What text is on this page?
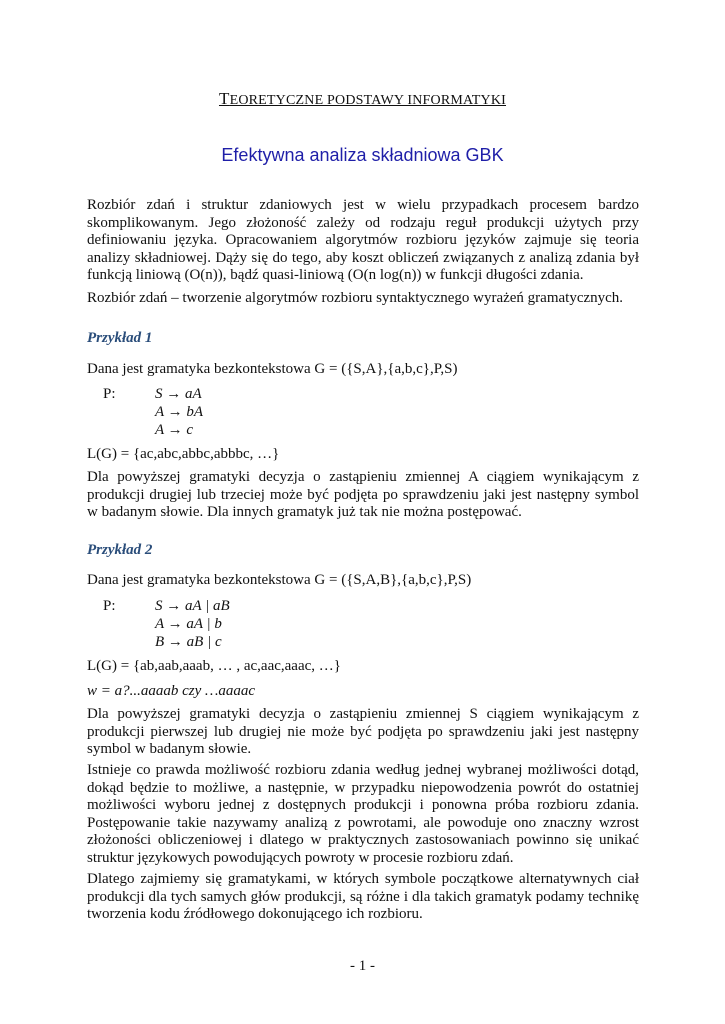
TEORETYCZNE PODSTAWY INFORMATYKI
Efektywna analiza składniowa GBK
Rozbiór zdań i struktur zdaniowych jest w wielu przypadkach procesem bardzo skomplikowanym. Jego złożoność zależy od rodzaju reguł produkcji użytych przy definiowaniu języka. Opracowaniem algorytmów rozbioru języków zajmuje się teoria analizy składniowej. Dąży się do tego, aby koszt obliczeń związanych z analizą zdania był funkcją liniową (O(n)), bądź quasi-liniową (O(n log(n)) w funkcji długości zdania.
Rozbiór zdań – tworzenie algorytmów rozbioru syntaktycznego wyrażeń gramatycznych.
Przykład 1
Dana jest gramatyka bezkontekstowa G = ({S,A},{a,b,c},P,S)
P:	S → aA
A → bA
A → c
L(G) = {ac,abc,abbc,abbbc, …}
Dla powyższej gramatyki decyzja o zastąpieniu zmiennej A ciągiem wynikającym z produkcji drugiej lub trzeciej może być podjęta po sprawdzeniu jaki jest następny symbol w badanym słowie. Dla innych gramatyk już tak nie można postępować.
Przykład 2
Dana jest gramatyka bezkontekstowa G = ({S,A,B},{a,b,c},P,S)
P:	S → aA | aB
A → aA | b
B → aB | c
L(G) = {ab,aab,aaab, … , ac,aac,aaac, …}
w = a?...aaaab czy …aaaac
Dla powyższej gramatyki decyzja o zastąpieniu zmiennej S ciągiem wynikającym z produkcji pierwszej lub drugiej nie może być podjęta po sprawdzeniu jaki jest następny symbol w badanym słowie.
Istnieje co prawda możliwość rozbioru zdania według jednej wybranej możliwości dotąd, dokąd będzie to możliwe, a następnie, w przypadku niepowodzenia powrót do ostatniej możliwości wyboru jednej z dostępnych produkcji i ponowna próba rozbioru zdania. Postępowanie takie nazywamy analizą z powrotami, ale powoduje ono znaczny wzrost złożoności obliczeniowej i dlatego w praktycznych zastosowaniach powinno się unikać struktur językowych powodujących powroty w procesie rozbioru zdań.
Dlatego zajmiemy się gramatykami, w których symbole początkowe alternatywnych ciał produkcji dla tych samych głów produkcji, są różne i dla takich gramatyk podamy technikę tworzenia kodu źródłowego dokonującego ich rozbioru.
- 1 -
